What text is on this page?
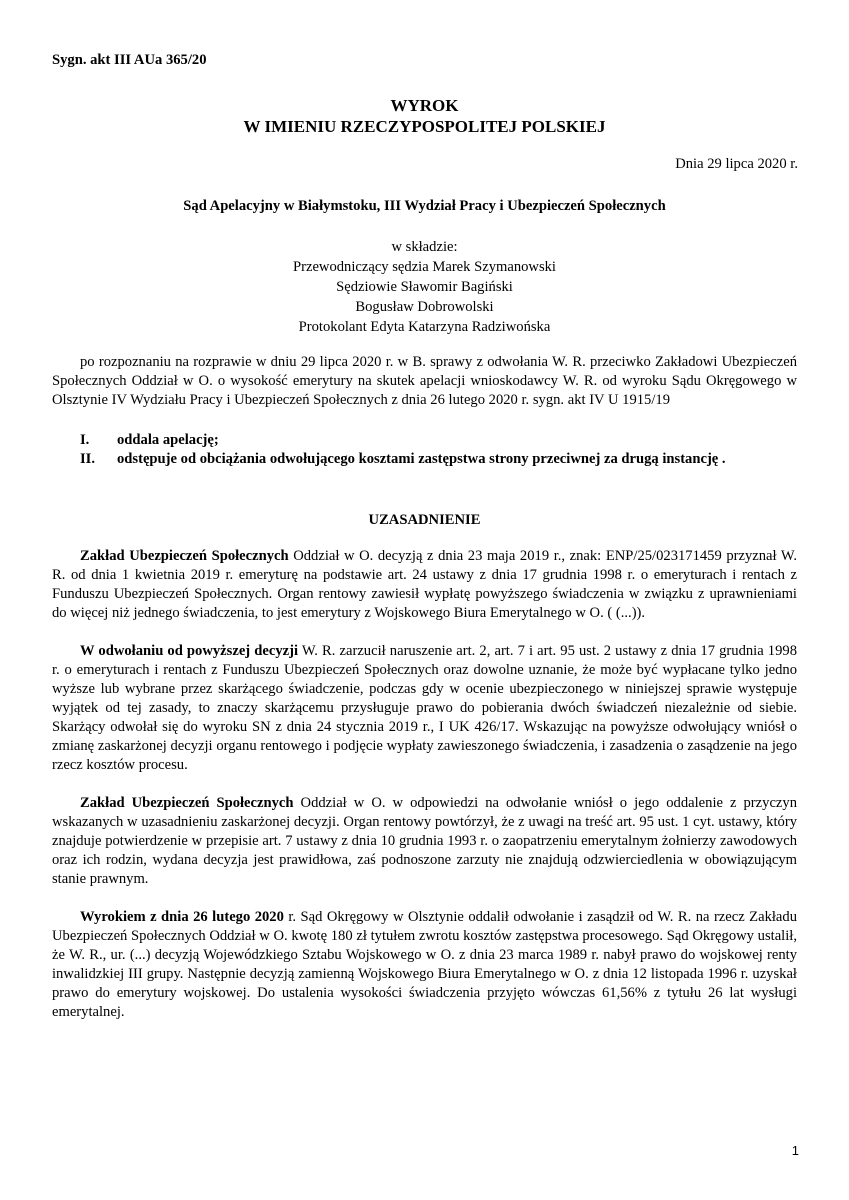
Sygn. akt III AUa 365/20
WYROK
W IMIENIU RZECZYPOSPOLITEJ POLSKIEJ
Dnia 29 lipca 2020 r.
Sąd Apelacyjny w Białymstoku, III Wydział Pracy i Ubezpieczeń Społecznych
w składzie:
Przewodniczący sędzia Marek Szymanowski
Sędziowie Sławomir Bagiński
Bogusław Dobrowolski
Protokolant Edyta Katarzyna Radziwońska

po rozpoznaniu na rozprawie w dniu 29 lipca 2020 r. w B. sprawy z odwołania W. R. przeciwko Zakładowi Ubezpieczeń Społecznych Oddział w O. o wysokość emerytury na skutek apelacji wnioskodawcy W. R. od wyroku Sądu Okręgowego w Olsztynie IV Wydziału Pracy i Ubezpieczeń Społecznych z dnia 26 lutego 2020 r. sygn. akt IV U 1915/19

I.	oddala apelację;
II.	odstępuje od obciążania odwołującego kosztami zastępstwa strony przeciwnej za drugą instancję .
UZASADNIENIE

Zakład Ubezpieczeń Społecznych Oddział w O. decyzją z dnia 23 maja 2019 r., znak: ENP/25/023171459 przyznał W. R. od dnia 1 kwietnia 2019 r. emeryturę na podstawie art. 24 ustawy z dnia 17 grudnia 1998 r. o emeryturach i rentach z Funduszu Ubezpieczeń Społecznych. Organ rentowy zawiesił wypłatę powyższego świadczenia w związku z uprawnieniami do więcej niż jednego świadczenia, to jest emerytury z Wojskowego Biura Emerytalnego w O. ( (...)).

W odwołaniu od powyższej decyzji W. R. zarzucił naruszenie art. 2, art. 7 i art. 95 ust. 2 ustawy z dnia 17 grudnia 1998 r. o emeryturach i rentach z Funduszu Ubezpieczeń Społecznych oraz dowolne uznanie, że może być wypłacane tylko jedno wyższe lub wybrane przez skarżącego świadczenie, podczas gdy w ocenie ubezpieczonego w niniejszej sprawie występuje wyjątek od tej zasady, to znaczy skarżącemu przysługuje prawo do pobierania dwóch świadczeń niezależnie od siebie. Skarżący odwołał się do wyroku SN z dnia 24 stycznia 2019 r., I UK 426/17. Wskazując na powyższe odwołujący wniósł o zmianę zaskarżonej decyzji organu rentowego i podjęcie wypłaty zawieszonego świadczenia, i zasadzenia o zasądzenie na jego rzecz kosztów procesu.

Zakład Ubezpieczeń Społecznych Oddział w O. w odpowiedzi na odwołanie wniósł o jego oddalenie z przyczyn wskazanych w uzasadnieniu zaskarżonej decyzji. Organ rentowy powtórzył, że z uwagi na treść art. 95 ust. 1 cyt. ustawy, który znajduje potwierdzenie w przepisie art. 7 ustawy z dnia 10 grudnia 1993 r. o zaopatrzeniu emerytalnym żołnierzy zawodowych oraz ich rodzin, wydana decyzja jest prawidłowa, zaś podnoszone zarzuty nie znajdują odzwierciedlenia w obowiązującym stanie prawnym.

Wyrokiem z dnia 26 lutego 2020 r. Sąd Okręgowy w Olsztynie oddalił odwołanie i zasądził od W. R. na rzecz Zakładu Ubezpieczeń Społecznych Oddział w O. kwotę 180 zł tytułem zwrotu kosztów zastępstwa procesowego. Sąd Okręgowy ustalił, że W. R., ur. (...) decyzją Wojewódzkiego Sztabu Wojskowego w O. z dnia 23 marca 1989 r. nabył prawo do wojskowej renty inwalidzkiej III grupy. Następnie decyzją zamienną Wojskowego Biura Emerytalnego w O. z dnia 12 listopada 1996 r. uzyskał prawo do emerytury wojskowej. Do ustalenia wysokości świadczenia przyjęto wówczas 61,56% z tytułu 26 lat wysługi emerytalnej.

1
